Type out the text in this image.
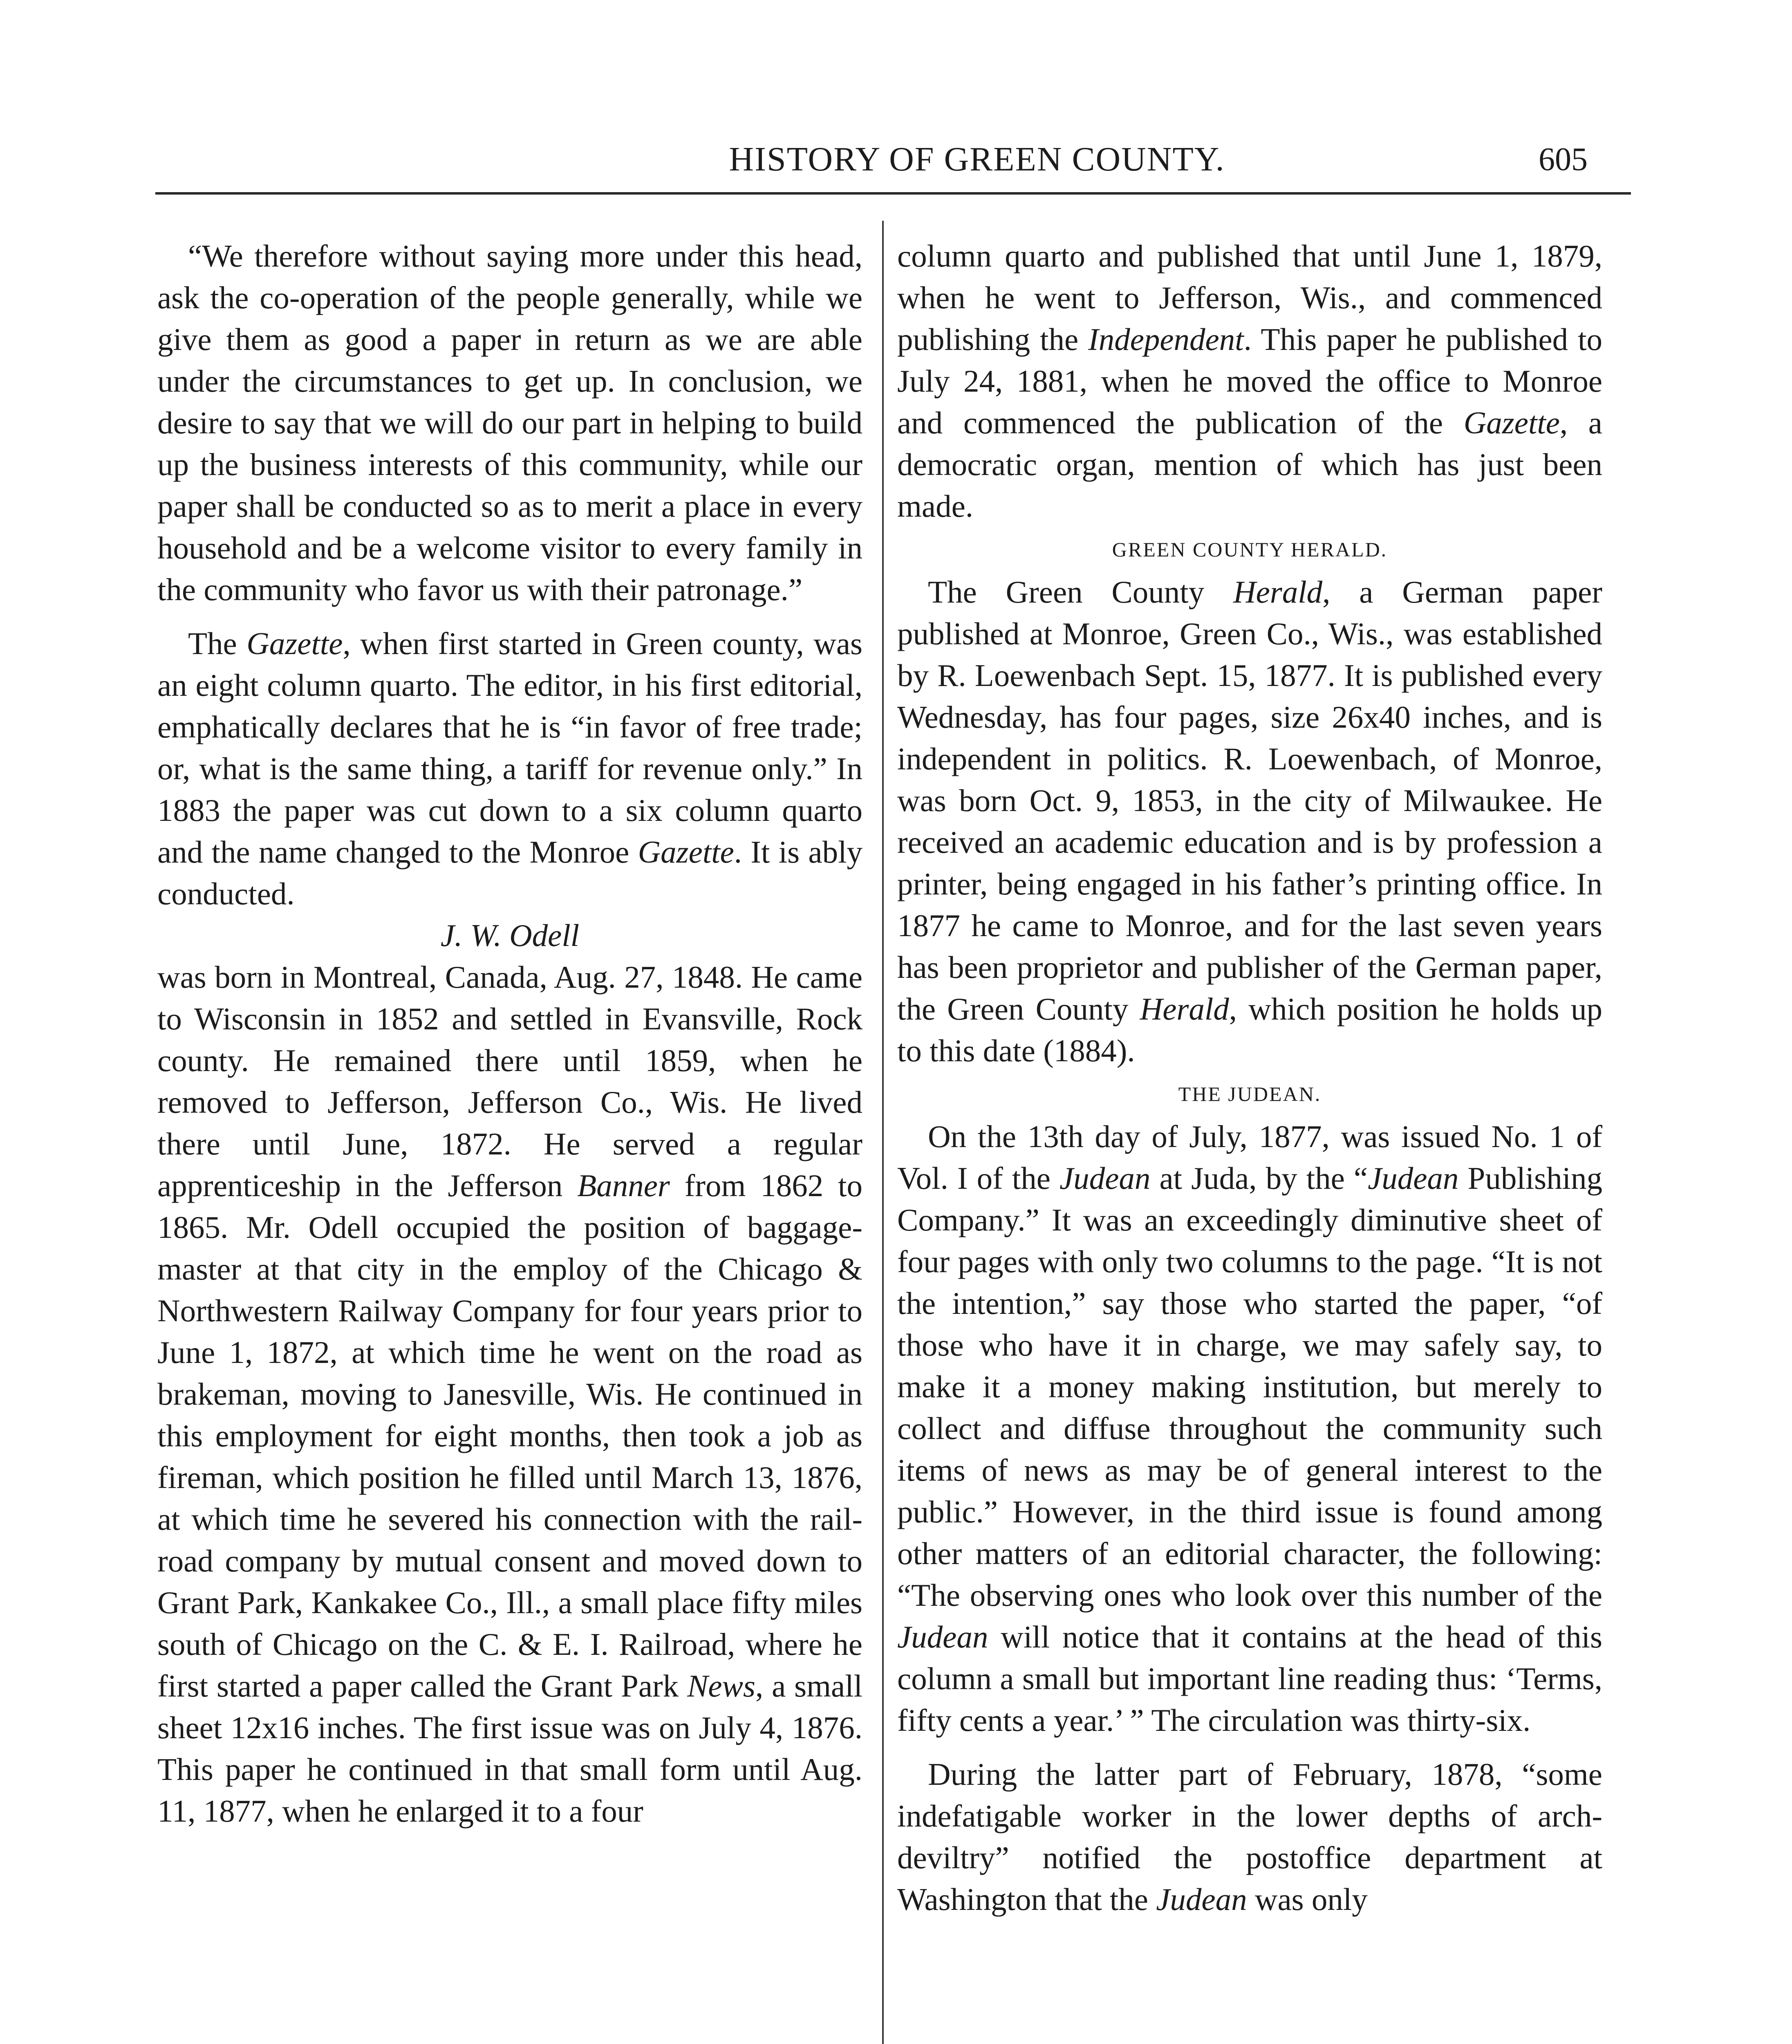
HISTORY OF GREEN COUNTY.	605

“We therefore without saying more under this head, ask the co-operation of the people generally, while we give them as good a paper in return as we are able under the circumstances to get up. In conclusion, we desire to say that we will do our part in helping to build up the business interests of this community, while our paper shall be conducted so as to merit a place in every household and be a welcome visitor to every family in the community who favor us with their patronage.”

The Gazette, when first started in Green county, was an eight column quarto. The editor, in his first editorial, emphatically declares that he is “in favor of free trade; or, what is the same thing, a tariff for revenue only.” In 1883 the paper was cut down to a six column quarto and the name changed to the Monroe Gazette. It is ably conducted.

J. W. Odell

was born in Montreal, Canada, Aug. 27, 1848. He came to Wisconsin in 1852 and settled in Evansville, Rock county. He remained there until 1859, when he removed to Jefferson, Jefferson Co., Wis. He lived there until June, 1872. He served a regular apprenticeship in the Jefferson Banner from 1862 to 1865. Mr. Odell occupied the position of baggage-master at that city in the employ of the Chicago & Northwestern Railway Company for four years prior to June 1, 1872, at which time he went on the road as brakeman, moving to Janesville, Wis. He continued in this employment for eight months, then took a job as fireman, which position he filled until March 13, 1876, at which time he severed his connection with the railroad company by mutual consent and moved down to Grant Park, Kankakee Co., Ill., a small place fifty miles south of Chicago on the C. & E. I. Railroad, where he first started a paper called the Grant Park News, a small sheet 12x16 inches. The first issue was on July 4, 1876. This paper he continued in that small form until Aug. 11, 1877, when he enlarged it to a four

column quarto and published that until June 1, 1879, when he went to Jefferson, Wis., and commenced publishing the Independent. This paper he published to July 24, 1881, when he moved the office to Monroe and commenced the publication of the Gazette, a democratic organ, mention of which has just been made.

GREEN COUNTY HERALD.

The Green County Herald, a German paper published at Monroe, Green Co., Wis., was established by R. Loewenbach Sept. 15, 1877. It is published every Wednesday, has four pages, size 26x40 inches, and is independent in politics. R. Loewenbach, of Monroe, was born Oct. 9, 1853, in the city of Milwaukee. He received an academic education and is by profession a printer, being engaged in his father’s printing office. In 1877 he came to Monroe, and for the last seven years has been proprietor and publisher of the German paper, the Green County Herald, which position he holds up to this date (1884).

THE JUDEAN.

On the 13th day of July, 1877, was issued No. 1 of Vol. I of the Judean at Juda, by the “Judean Publishing Company.” It was an exceedingly diminutive sheet of four pages with only two columns to the page. “It is not the intention,” say those who started the paper, “of those who have it in charge, we may safely say, to make it a money making institution, but merely to collect and diffuse throughout the community such items of news as may be of general interest to the public.” However, in the third issue is found among other matters of an editorial character, the following: “The observing ones who look over this number of the Judean will notice that it contains at the head of this column a small but important line reading thus: ‘Terms, fifty cents a year.’ ” The circulation was thirty-six.

During the latter part of February, 1878, “some indefatigable worker in the lower depths of arch-deviltry” notified the postoffice department at Washington that the Judean was only
